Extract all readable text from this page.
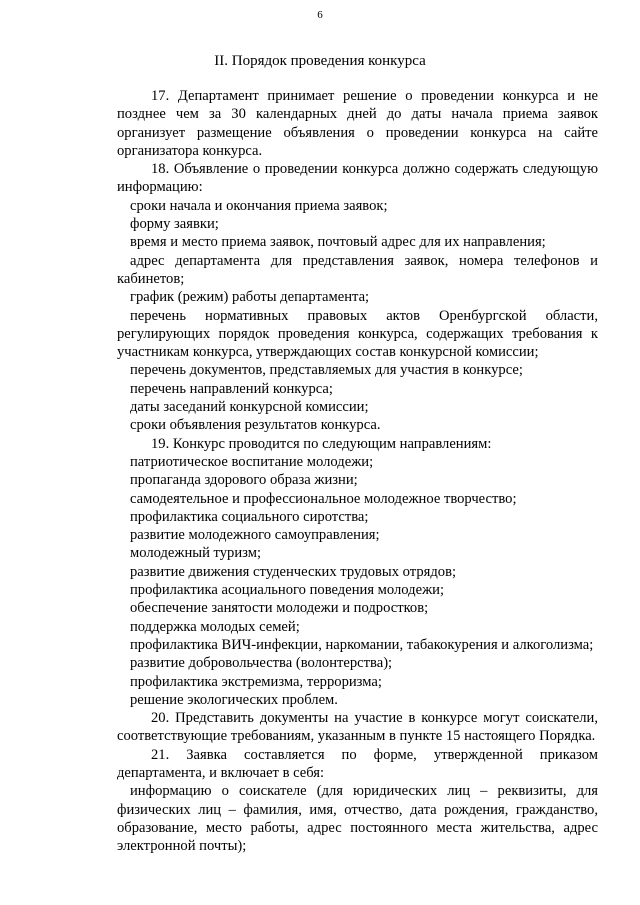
6
II. Порядок проведения конкурса

17. Департамент принимает решение о проведении конкурса и не позднее чем за 30 календарных дней до даты начала приема заявок организует размещение объявления о проведении конкурса на сайте организатора конкурса.

18. Объявление о проведении конкурса должно содержать следующую информацию:

сроки начала и окончания приема заявок;

форму заявки;

время и место приема заявок, почтовый адрес для их направления;

адрес департамента для представления заявок, номера телефонов и кабинетов;

график (режим) работы департамента;

перечень нормативных правовых актов Оренбургской области, регулирующих порядок проведения конкурса, содержащих требования к участникам конкурса, утверждающих состав конкурсной комиссии;

перечень документов, представляемых для участия в конкурсе;

перечень направлений конкурса;

даты заседаний конкурсной комиссии;

сроки объявления результатов конкурса.

19. Конкурс проводится по следующим направлениям:

патриотическое воспитание молодежи;

пропаганда здорового образа жизни;

самодеятельное и профессиональное молодежное творчество;

профилактика социального сиротства;

развитие молодежного самоуправления;

молодежный туризм;

развитие движения студенческих трудовых отрядов;

профилактика асоциального поведения молодежи;

обеспечение занятости молодежи и подростков;

поддержка молодых семей;

профилактика ВИЧ-инфекции, наркомании, табакокурения и алкоголизма;

развитие добровольчества (волонтерства);

профилактика экстремизма, терроризма;

решение экологических проблем.

20. Представить документы на участие в конкурсе могут соискатели, соответствующие требованиям, указанным в пункте 15 настоящего Порядка.

21. Заявка составляется по форме, утвержденной приказом департамента, и включает в себя:

информацию о соискателе (для юридических лиц – реквизиты, для физических лиц – фамилия, имя, отчество, дата рождения, гражданство, образование, место работы, адрес постоянного места жительства, адрес электронной почты);
